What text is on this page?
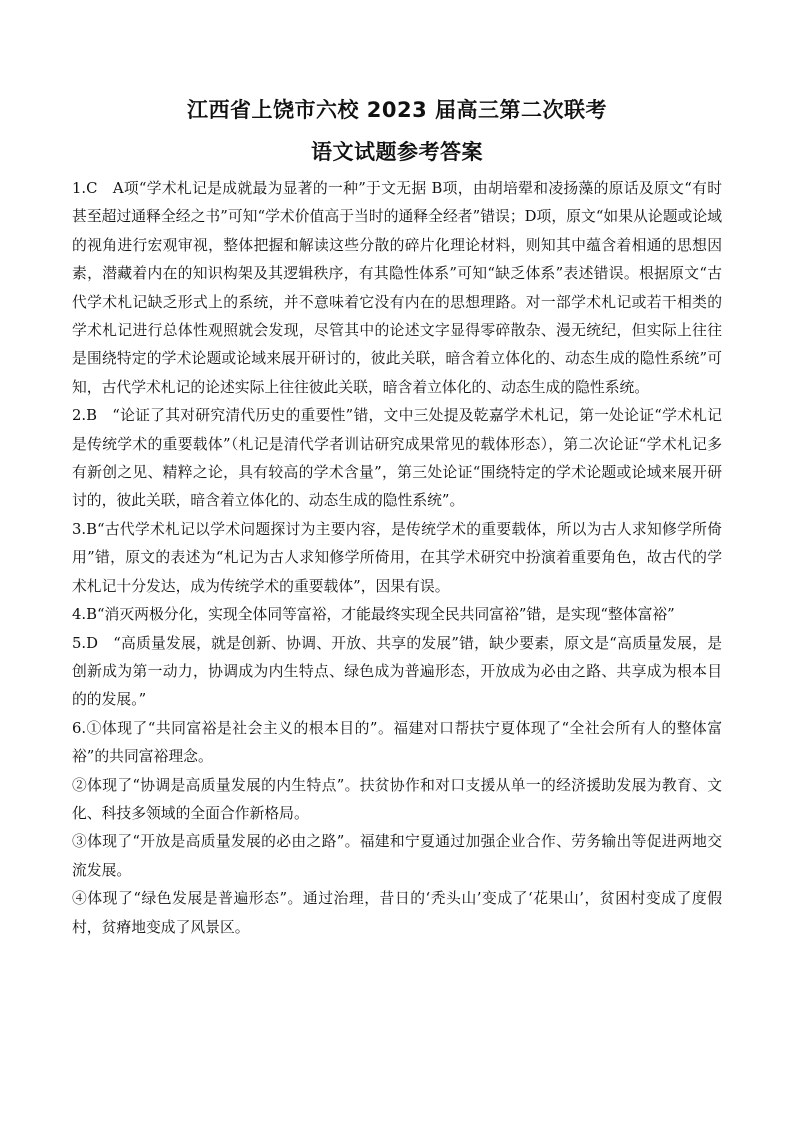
江西省上饶市六校 2023 届高三第二次联考
语文试题参考答案

1.C　A项“学术札记是成就最为显著的一种”于文无据 B项，由胡培翚和凌扬藻的原话及原文“有时甚至超过通释全经之书”可知“学术价值高于当时的通释全经者”错误；D项，原文“如果从论题或论域的视角进行宏观审视，整体把握和解读这些分散的碎片化理论材料，则知其中蕴含着相通的思想因素，潜藏着内在的知识构架及其逻辑秩序，有其隐性体系”可知“缺乏体系”表述错误。根据原文“古代学术札记缺乏形式上的系统，并不意味着它没有内在的思想理路。对一部学术札记或若干相类的学术札记进行总体性观照就会发现，尽管其中的论述文字显得零碎散杂、漫无统纪，但实际上往往是围绕特定的学术论题或论域来展开研讨的，彼此关联，暗含着立体化的、动态生成的隐性系统”可知，古代学术札记的论述实际上往往彼此关联，暗含着立体化的、动态生成的隐性系统。

2.B　“论证了其对研究清代历史的重要性”错，文中三处提及乾嘉学术札记，第一处论证“学术札记是传统学术的重要载体”（札记是清代学者训诂研究成果常见的载体形态），第二次论证“学术札记多有新创之见、精粹之论，具有较高的学术含量”，第三处论证“围绕特定的学术论题或论域来展开研讨的，彼此关联，暗含着立体化的、动态生成的隐性系统”。

3.B“古代学术札记以学术问题探讨为主要内容，是传统学术的重要载体，所以为古人求知修学所倚用”错，原文的表述为“札记为古人求知修学所倚用，在其学术研究中扮演着重要角色，故古代的学术札记十分发达，成为传统学术的重要载体”，因果有误。

4.B“消灭两极分化，实现全体同等富裕，才能最终实现全民共同富裕”错，是实现“整体富裕”

5.D　“高质量发展，就是创新、协调、开放、共享的发展”错，缺少要素，原文是“高质量发展，是创新成为第一动力，协调成为内生特点、绿色成为普遍形态，开放成为必由之路、共享成为根本目的的发展。”

6.①体现了“共同富裕是社会主义的根本目的”。福建对口帮扶宁夏体现了“全社会所有人的整体富裕”的共同富裕理念。

②体现了“协调是高质量发展的内生特点”。扶贫协作和对口支援从单一的经济援助发展为教育、文化、科技多领域的全面合作新格局。

③体现了“开放是高质量发展的必由之路”。福建和宁夏通过加强企业合作、劳务输出等促进两地交流发展。

④体现了“绿色发展是普遍形态”。通过治理，昔日的‘秃头山’变成了‘花果山’，贫困村变成了度假村，贫瘠地变成了风景区。
